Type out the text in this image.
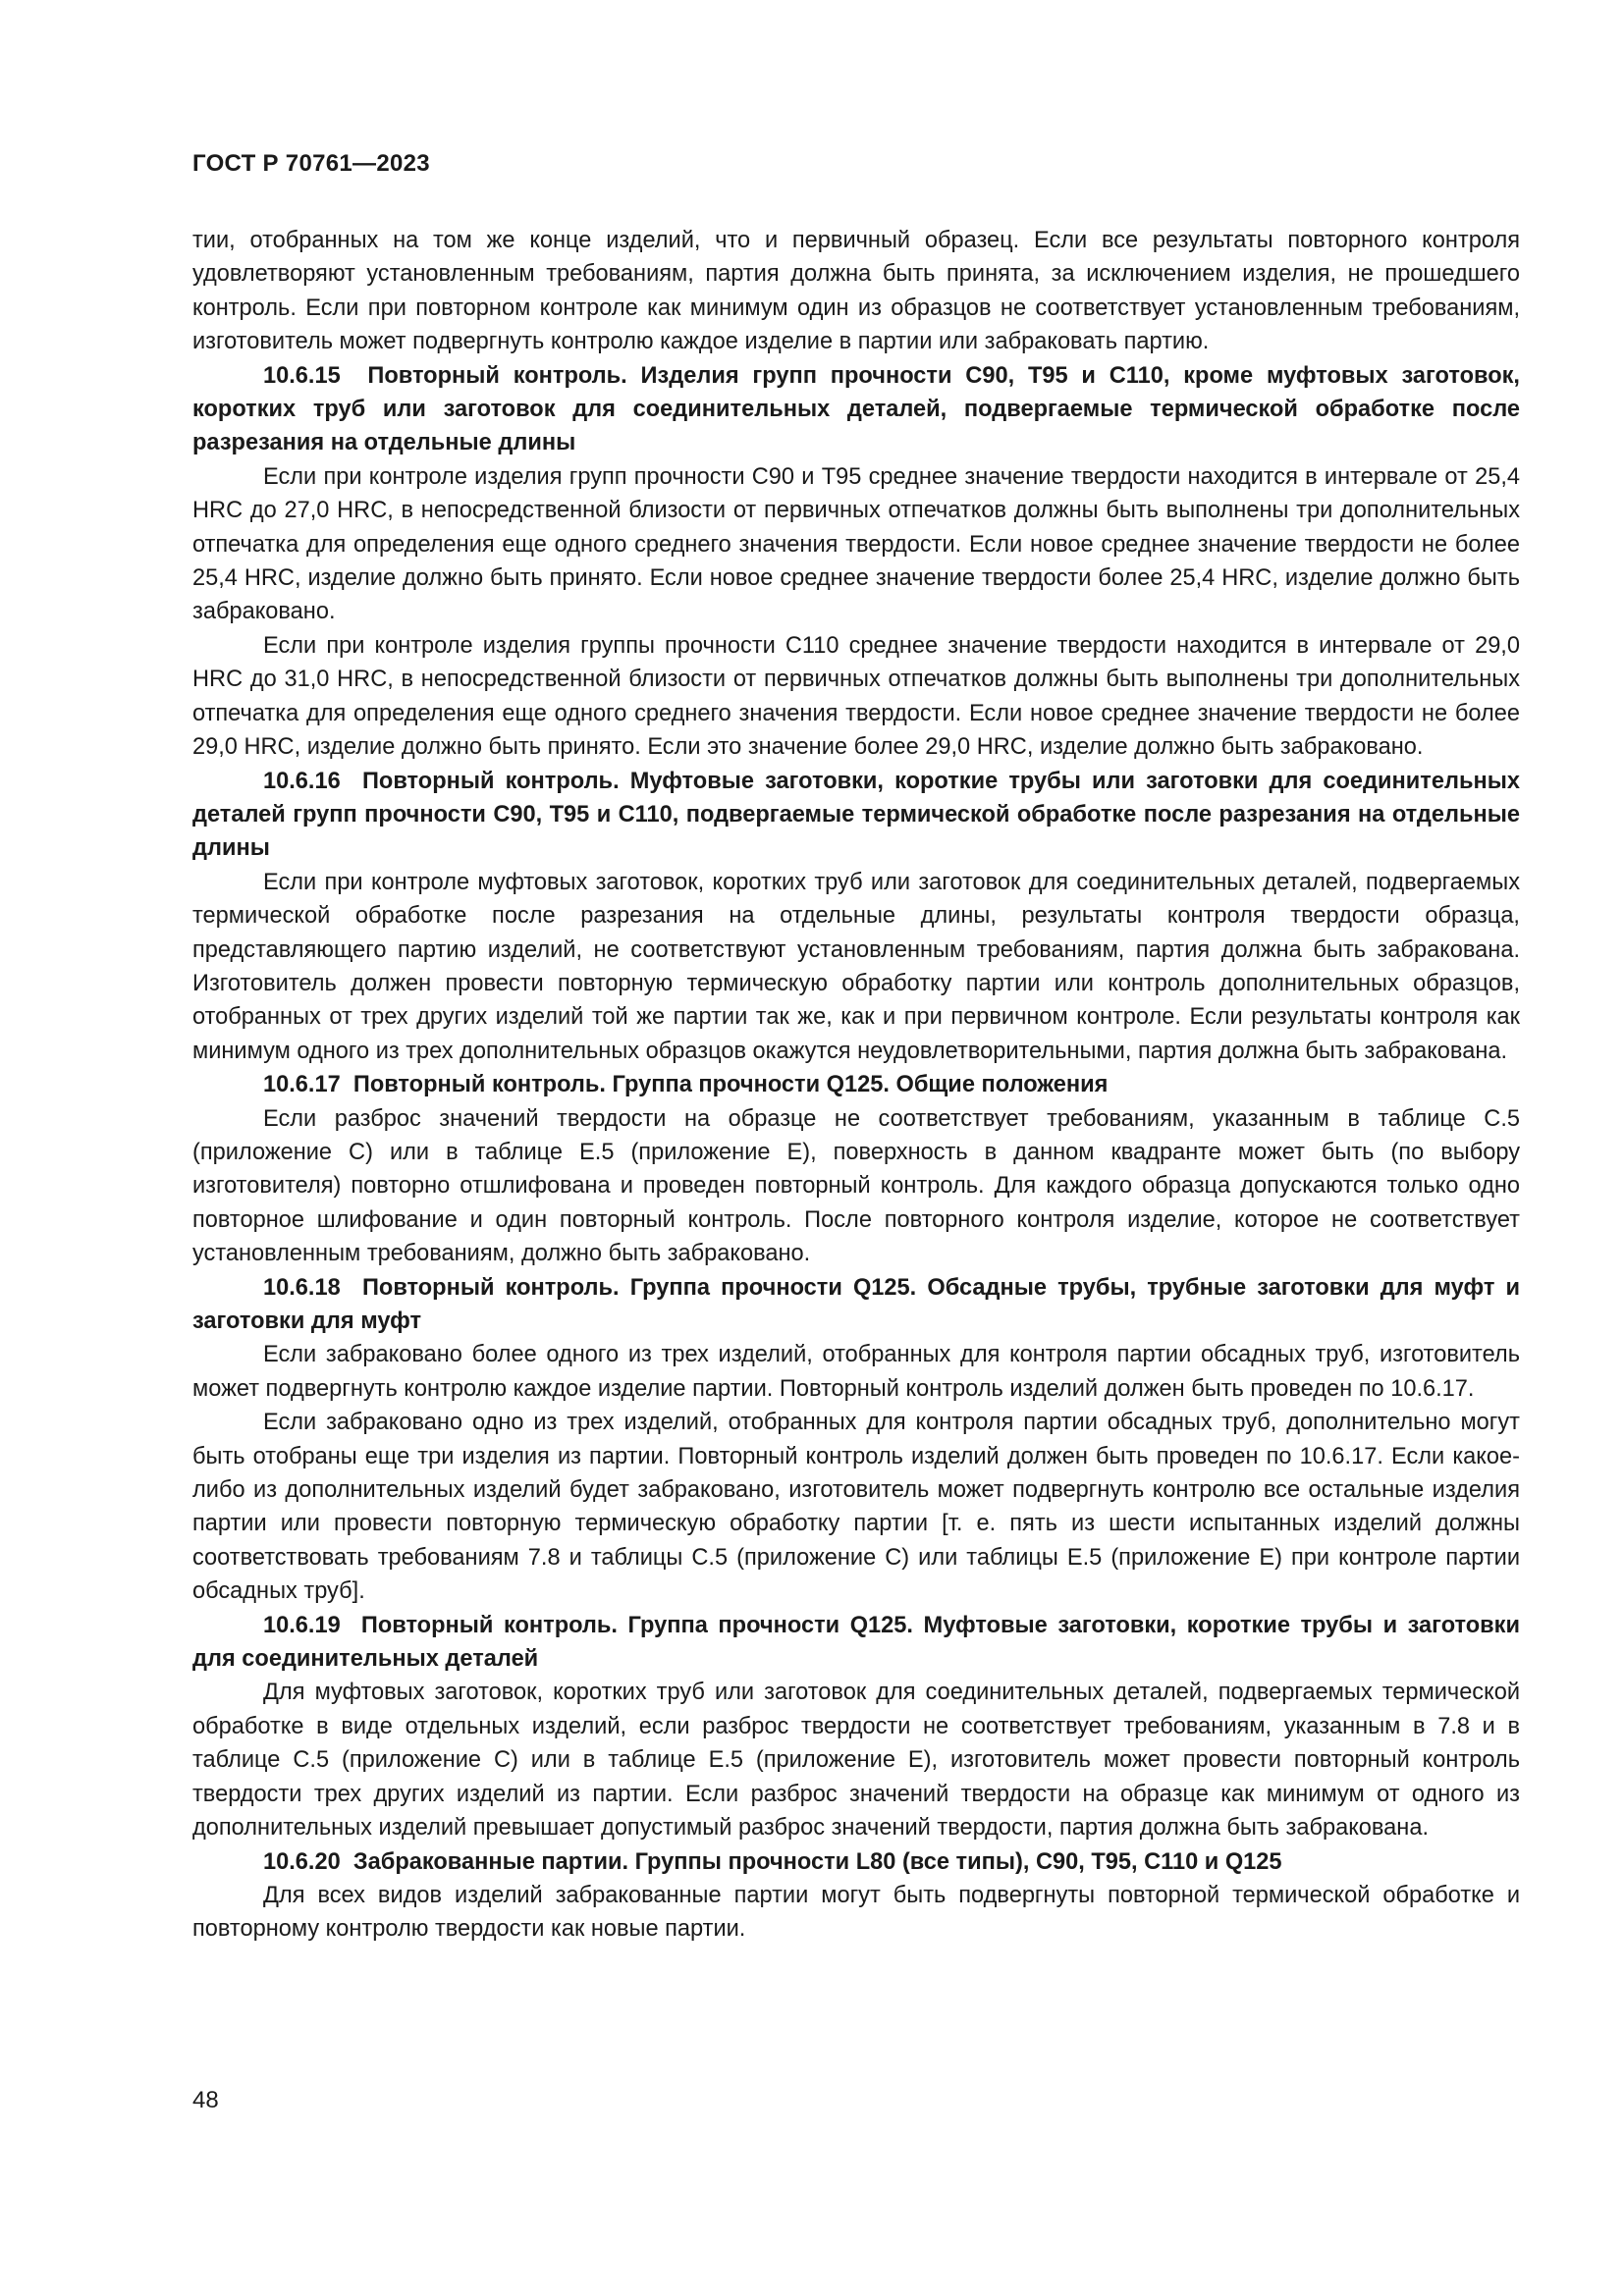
ГОСТ Р 70761—2023

тии, отобранных на том же конце изделий, что и первичный образец. Если все результаты повторного контроля удовлетворяют установленным требованиям, партия должна быть принята, за исключением изделия, не прошедшего контроль. Если при повторном контроле как минимум один из образцов не соответствует установленным требованиям, изготовитель может подвергнуть контролю каждое изделие в партии или забраковать партию.

10.6.15 Повторный контроль. Изделия групп прочности C90, T95 и C110, кроме муфтовых заготовок, коротких труб или заготовок для соединительных деталей, подвергаемые термической обработке после разрезания на отдельные длины

Если при контроле изделия групп прочности C90 и T95 среднее значение твердости находится в интервале от 25,4 HRC до 27,0 HRC, в непосредственной близости от первичных отпечатков должны быть выполнены три дополнительных отпечатка для определения еще одного среднего значения твердости. Если новое среднее значение твердости не более 25,4 HRC, изделие должно быть принято. Если новое среднее значение твердости более 25,4 HRC, изделие должно быть забраковано.

Если при контроле изделия группы прочности C110 среднее значение твердости находится в интервале от 29,0 HRC до 31,0 HRC, в непосредственной близости от первичных отпечатков должны быть выполнены три дополнительных отпечатка для определения еще одного среднего значения твердости. Если новое среднее значение твердости не более 29,0 HRC, изделие должно быть принято. Если это значение более 29,0 HRC, изделие должно быть забраковано.

10.6.16 Повторный контроль. Муфтовые заготовки, короткие трубы или заготовки для соединительных деталей групп прочности C90, T95 и C110, подвергаемые термической обработке после разрезания на отдельные длины

Если при контроле муфтовых заготовок, коротких труб или заготовок для соединительных деталей, подвергаемых термической обработке после разрезания на отдельные длины, результаты контроля твердости образца, представляющего партию изделий, не соответствуют установленным требованиям, партия должна быть забракована. Изготовитель должен провести повторную термическую обработку партии или контроль дополнительных образцов, отобранных от трех других изделий той же партии так же, как и при первичном контроле. Если результаты контроля как минимум одного из трех дополнительных образцов окажутся неудовлетворительными, партия должна быть забракована.

10.6.17 Повторный контроль. Группа прочности Q125. Общие положения

Если разброс значений твердости на образце не соответствует требованиям, указанным в таблице C.5 (приложение C) или в таблице E.5 (приложение E), поверхность в данном квадранте может быть (по выбору изготовителя) повторно отшлифована и проведен повторный контроль. Для каждого образца допускаются только одно повторное шлифование и один повторный контроль. После повторного контроля изделие, которое не соответствует установленным требованиям, должно быть забраковано.

10.6.18 Повторный контроль. Группа прочности Q125. Обсадные трубы, трубные заготовки для муфт и заготовки для муфт

Если забраковано более одного из трех изделий, отобранных для контроля партии обсадных труб, изготовитель может подвергнуть контролю каждое изделие партии. Повторный контроль изделий должен быть проведен по 10.6.17.

Если забраковано одно из трех изделий, отобранных для контроля партии обсадных труб, дополнительно могут быть отобраны еще три изделия из партии. Повторный контроль изделий должен быть проведен по 10.6.17. Если какое-либо из дополнительных изделий будет забраковано, изготовитель может подвергнуть контролю все остальные изделия партии или провести повторную термическую обработку партии [т. е. пять из шести испытанных изделий должны соответствовать требованиям 7.8 и таблицы C.5 (приложение C) или таблицы E.5 (приложение E) при контроле партии обсадных труб].

10.6.19 Повторный контроль. Группа прочности Q125. Муфтовые заготовки, короткие трубы и заготовки для соединительных деталей

Для муфтовых заготовок, коротких труб или заготовок для соединительных деталей, подвергаемых термической обработке в виде отдельных изделий, если разброс твердости не соответствует требованиям, указанным в 7.8 и в таблице C.5 (приложение C) или в таблице E.5 (приложение E), изготовитель может провести повторный контроль твердости трех других изделий из партии. Если разброс значений твердости на образце как минимум от одного из дополнительных изделий превышает допустимый разброс значений твердости, партия должна быть забракована.

10.6.20 Забракованные партии. Группы прочности L80 (все типы), C90, T95, C110 и Q125

Для всех видов изделий забракованные партии могут быть подвергнуты повторной термической обработке и повторному контролю твердости как новые партии.

48
